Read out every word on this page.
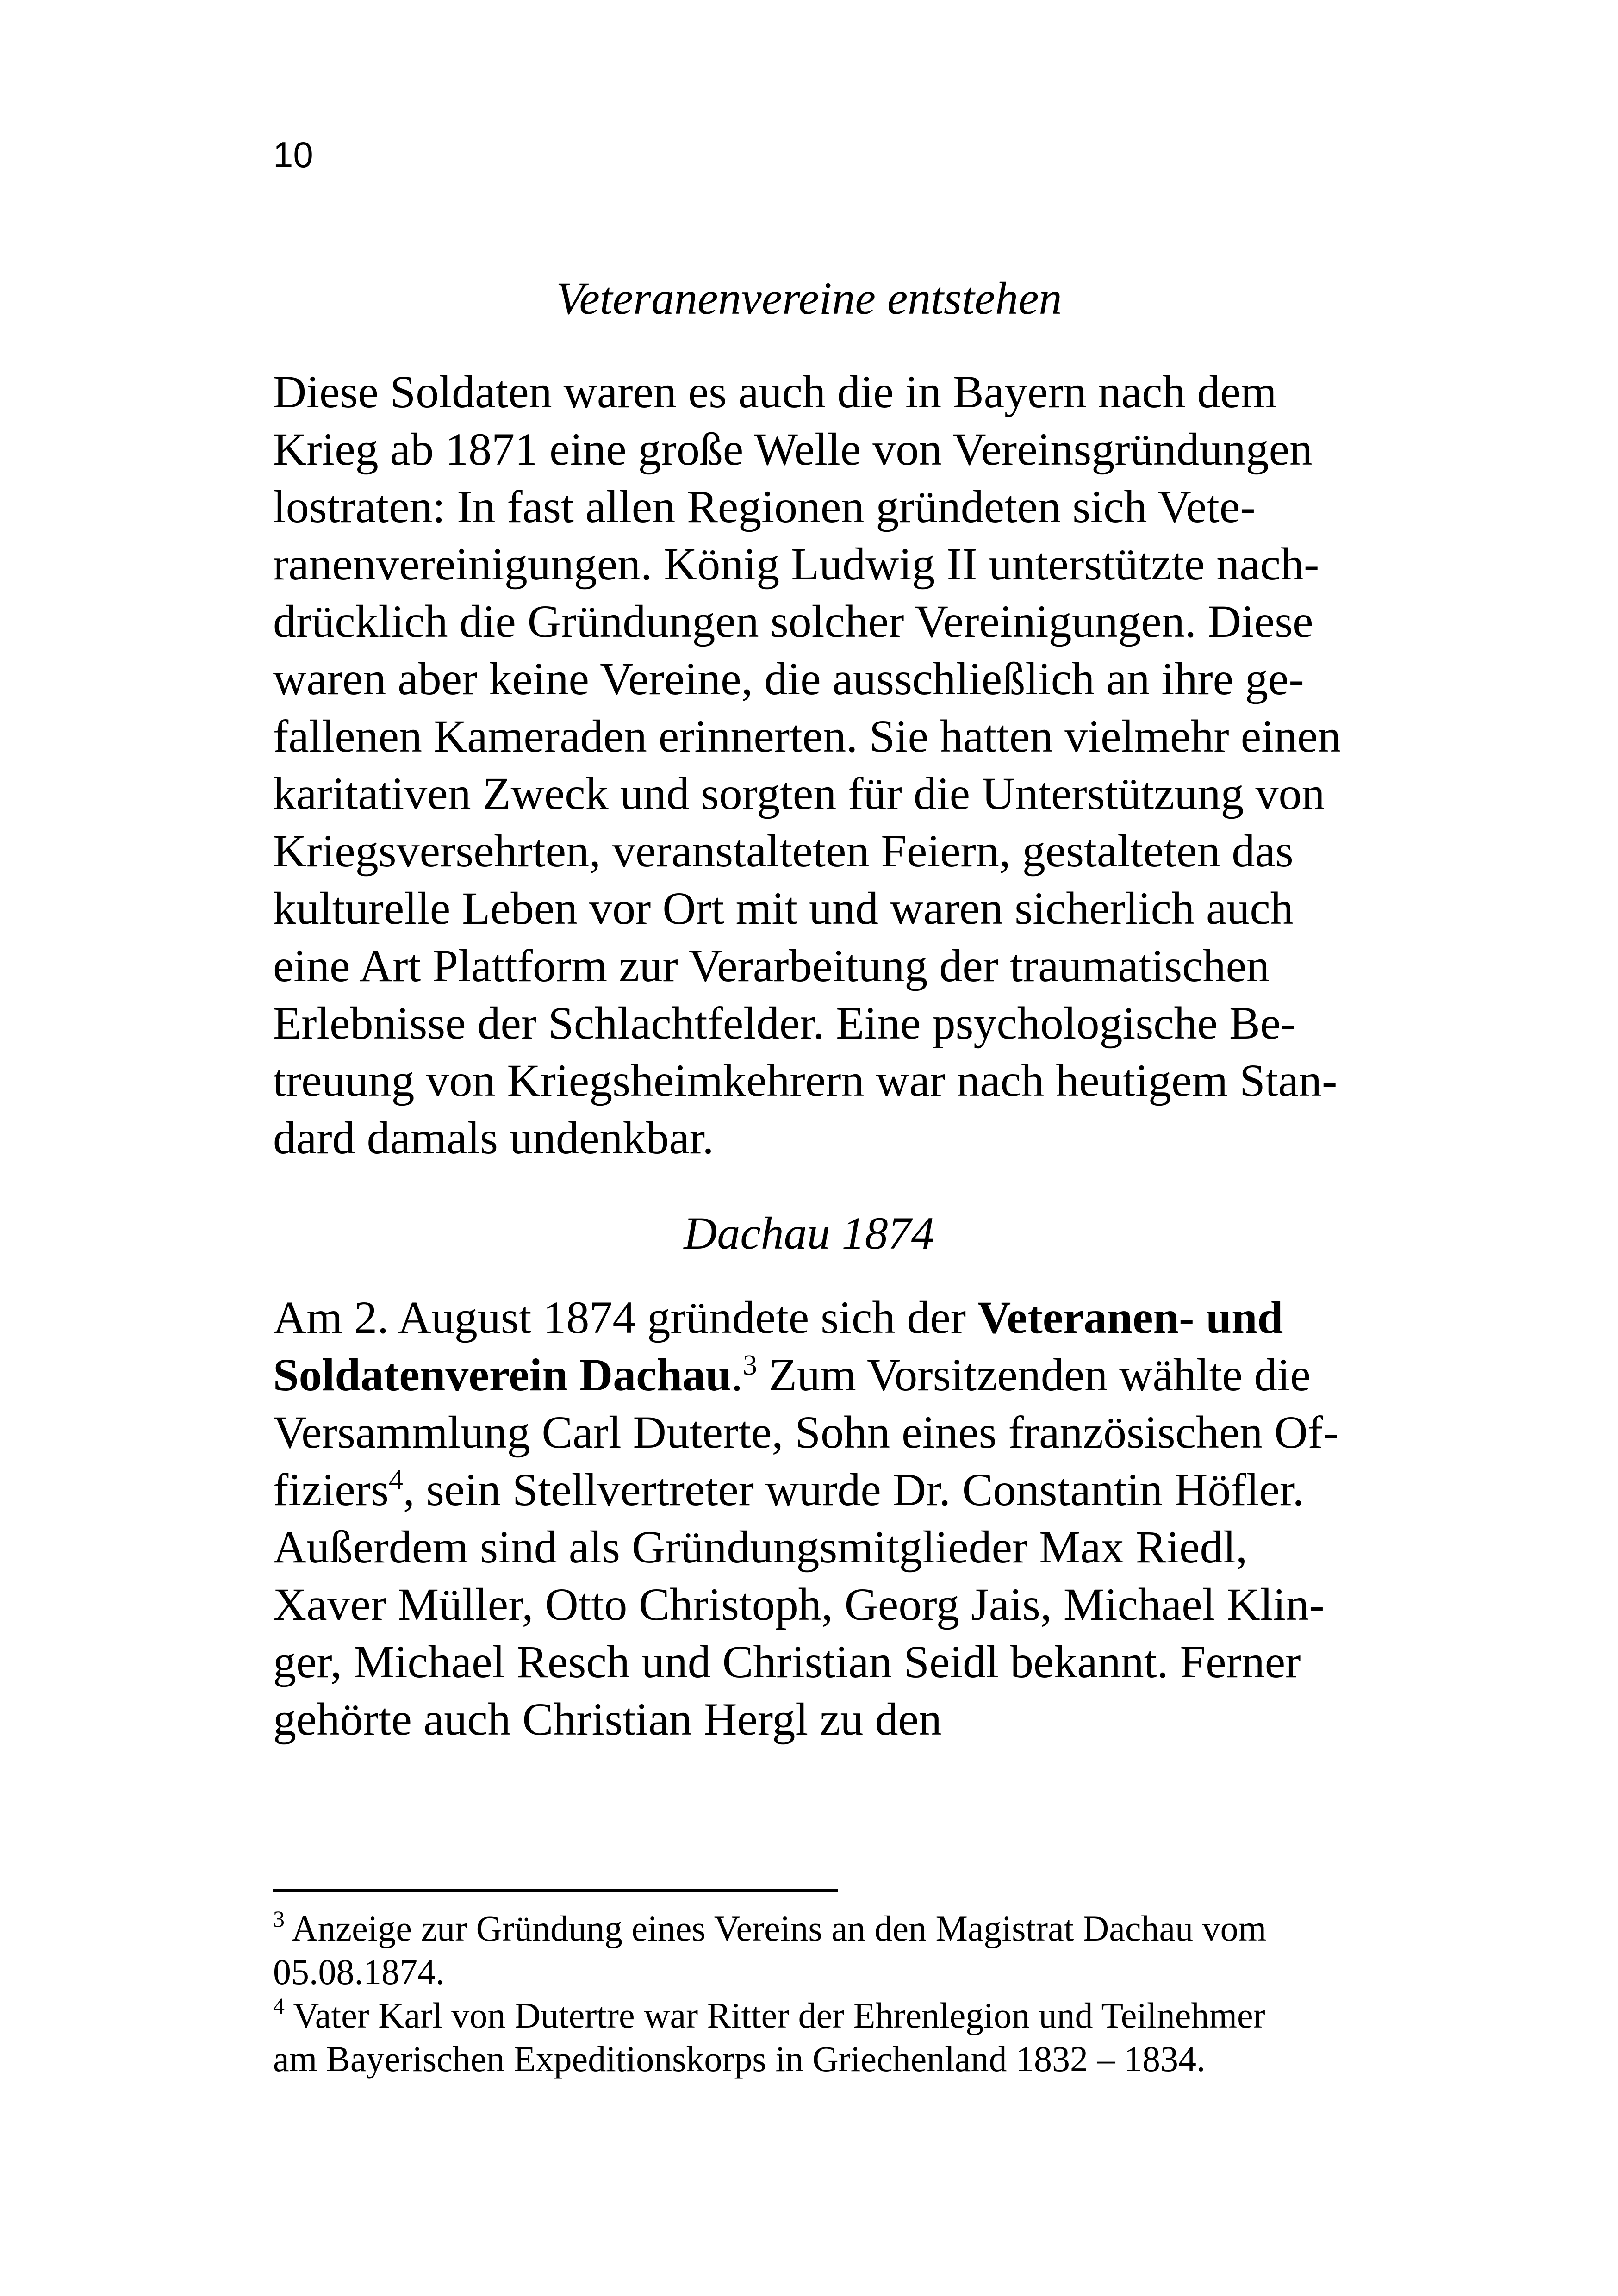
10
Veteranenvereine entstehen
Diese Soldaten waren es auch die in Bayern nach dem
Krieg ab 1871 eine große Welle von Vereinsgründungen
lostraten: In fast allen Regionen gründeten sich Vete-
ranenvereinigungen. König Ludwig II unterstützte nach-
drücklich die Gründungen solcher Vereinigungen. Diese
waren aber keine Vereine, die ausschließlich an ihre ge-
fallenen Kameraden erinnerten. Sie hatten vielmehr einen
karitativen Zweck und sorgten für die Unterstützung von
Kriegsversehrten, veranstalteten Feiern, gestalteten das
kulturelle Leben vor Ort mit und waren sicherlich auch
eine Art Plattform zur Verarbeitung der traumatischen
Erlebnisse der Schlachtfelder. Eine psychologische Be-
treuung von Kriegsheimkehrern war nach heutigem Stan-
dard damals undenkbar.
Dachau 1874
Am 2. August 1874 gründete sich der Veteranen- und
Soldatenverein Dachau.$^3$ Zum Vorsitzenden wählte die
Versammlung Carl Duterte, Sohn eines französischen Of-
fiziers$^4$, sein Stellvertreter wurde Dr. Constantin Höfler.
Außerdem sind als Gründungsmitglieder Max Riedl,
Xaver Müller, Otto Christoph, Georg Jais, Michael Klin-
ger, Michael Resch und Christian Seidl bekannt. Ferner
gehörte auch Christian Hergl zu den
$^3$ Anzeige zur Gründung eines Vereins an den Magistrat Dachau vom
05.08.1874.
$^4$ Vater Karl von Dutertre war Ritter der Ehrenlegion und Teilnehmer
am Bayerischen Expeditionskorps in Griechenland 1832 – 1834.
